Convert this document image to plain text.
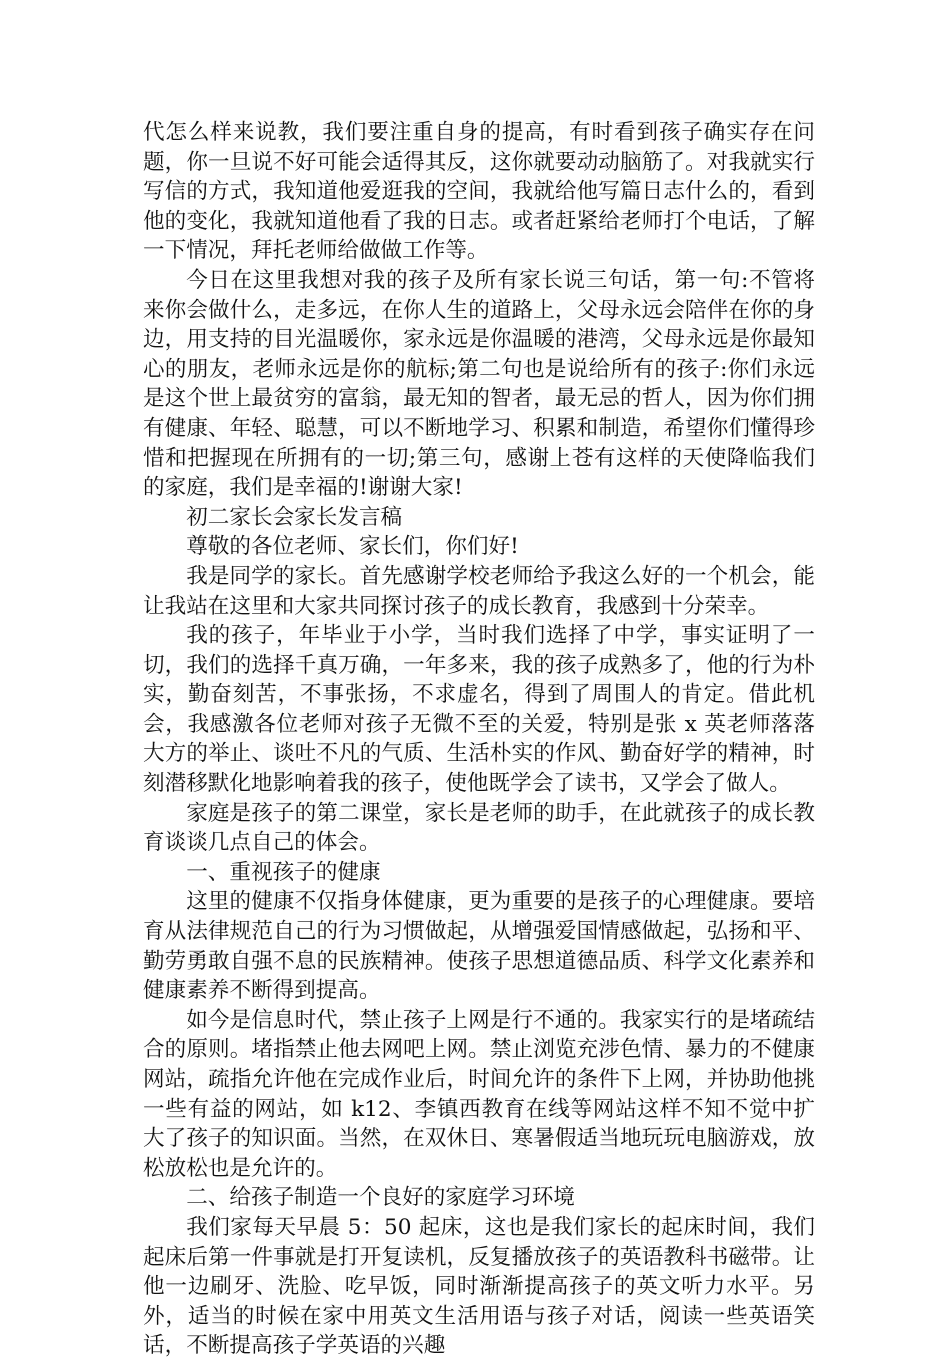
代怎么样来说教，我们要注重自身的提高，有时看到孩子确实存在问题，你一旦说不好可能会适得其反，这你就要动动脑筋了。对我就实行写信的方式，我知道他爱逛我的空间，我就给他写篇日志什么的，看到他的变化，我就知道他看了我的日志。或者赶紧给老师打个电话，了解一下情况，拜托老师给做做工作等。

今日在这里我想对我的孩子及所有家长说三句话，第一句:不管将来你会做什么，走多远，在你人生的道路上，父母永远会陪伴在你的身边，用支持的目光温暖你，家永远是你温暖的港湾，父母永远是你最知心的朋友，老师永远是你的航标;第二句也是说给所有的孩子:你们永远是这个世上最贫穷的富翁，最无知的智者，最无忌的哲人，因为你们拥有健康、年轻、聪慧，可以不断地学习、积累和制造，希望你们懂得珍惜和把握现在所拥有的一切;第三句，感谢上苍有这样的天使降临我们的家庭，我们是幸福的!谢谢大家!

初二家长会家长发言稿

尊敬的各位老师、家长们，你们好!

我是同学的家长。首先感谢学校老师给予我这么好的一个机会，能让我站在这里和大家共同探讨孩子的成长教育，我感到十分荣幸。

我的孩子，年毕业于小学，当时我们选择了中学，事实证明了一切，我们的选择千真万确，一年多来，我的孩子成熟多了，他的行为朴实，勤奋刻苦，不事张扬，不求虚名，得到了周围人的肯定。借此机会，我感激各位老师对孩子无微不至的关爱，特别是张 x 英老师落落大方的举止、谈吐不凡的气质、生活朴实的作风、勤奋好学的精神，时刻潜移默化地影响着我的孩子，使他既学会了读书，又学会了做人。

家庭是孩子的第二课堂，家长是老师的助手，在此就孩子的成长教育谈谈几点自己的体会。

一、重视孩子的健康

这里的健康不仅指身体健康，更为重要的是孩子的心理健康。要培育从法律规范自己的行为习惯做起，从增强爱国情感做起，弘扬和平、勤劳勇敢自强不息的民族精神。使孩子思想道德品质、科学文化素养和健康素养不断得到提高。

如今是信息时代，禁止孩子上网是行不通的。我家实行的是堵疏结合的原则。堵指禁止他去网吧上网。禁止浏览充涉色情、暴力的不健康网站，疏指允许他在完成作业后，时间允许的条件下上网，并协助他挑一些有益的网站，如 k12、李镇西教育在线等网站这样不知不觉中扩大了孩子的知识面。当然，在双休日、寒暑假适当地玩玩电脑游戏，放松放松也是允许的。

二、给孩子制造一个良好的家庭学习环境

我们家每天早晨 5：50 起床，这也是我们家长的起床时间，我们起床后第一件事就是打开复读机，反复播放孩子的英语教科书磁带。让他一边刷牙、洗脸、吃早饭，同时渐渐提高孩子的英文听力水平。另外，适当的时候在家中用英文生活用语与孩子对话，阅读一些英语笑话，不断提高孩子学英语的兴趣
